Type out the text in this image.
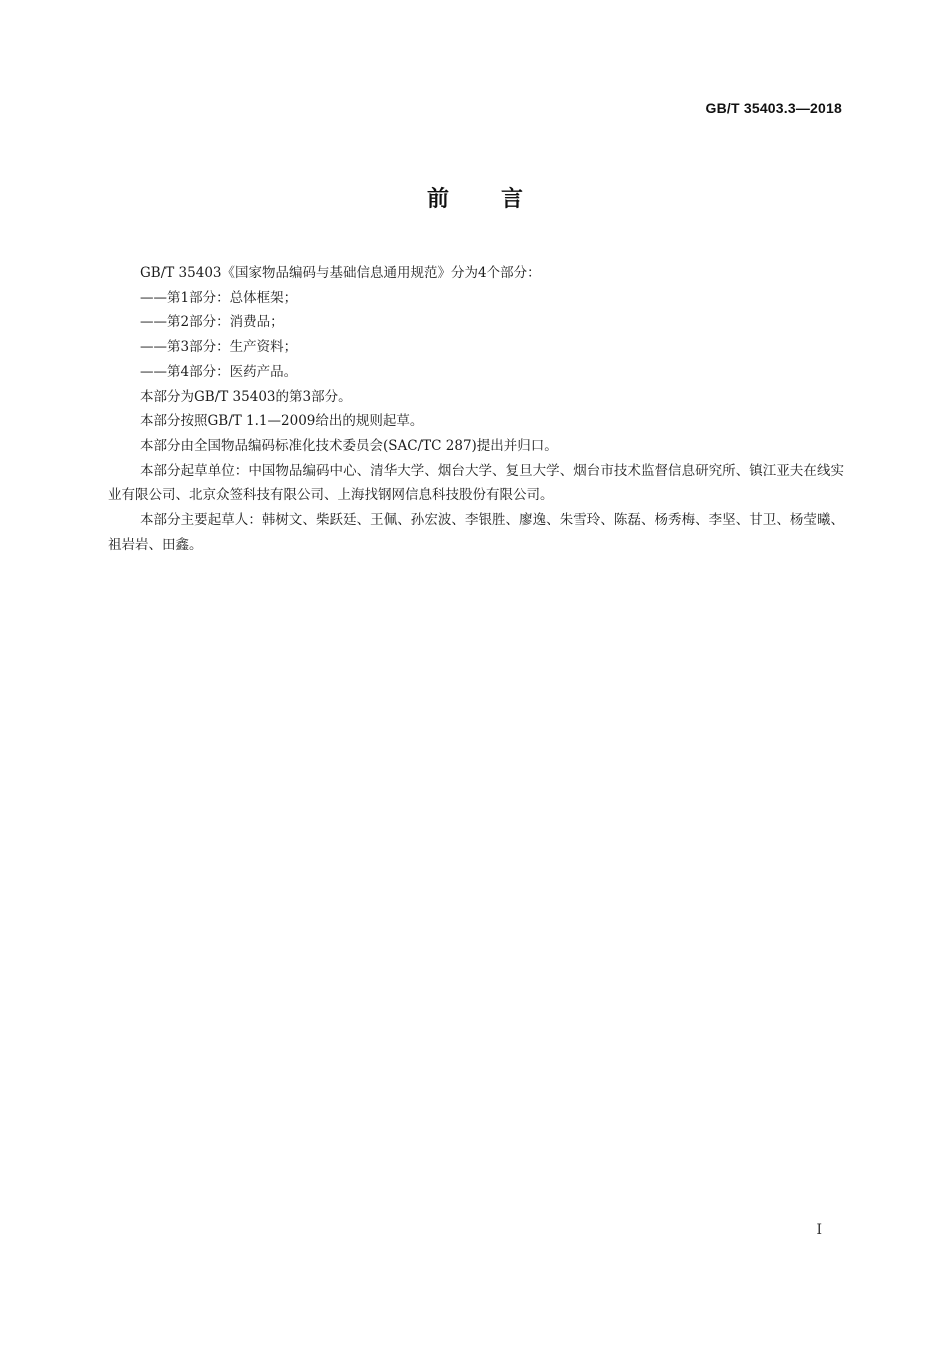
GB/T 35403.3—2018
前言

GB/T 35403《国家物品编码与基础信息通用规范》分为4个部分：

——第1部分：总体框架；

——第2部分：消费品；

——第3部分：生产资料；

——第4部分：医药产品。

本部分为GB/T 35403的第3部分。

本部分按照GB/T 1.1—2009给出的规则起草。

本部分由全国物品编码标准化技术委员会(SAC/TC 287)提出并归口。

本部分起草单位：中国物品编码中心、清华大学、烟台大学、复旦大学、烟台市技术监督信息研究所、镇江亚夫在线实业有限公司、北京众签科技有限公司、上海找钢网信息科技股份有限公司。

本部分主要起草人：韩树文、柴跃廷、王佩、孙宏波、李银胜、廖逸、朱雪玲、陈磊、杨秀梅、李坚、甘卫、杨莹曦、祖岩岩、田鑫。

I
